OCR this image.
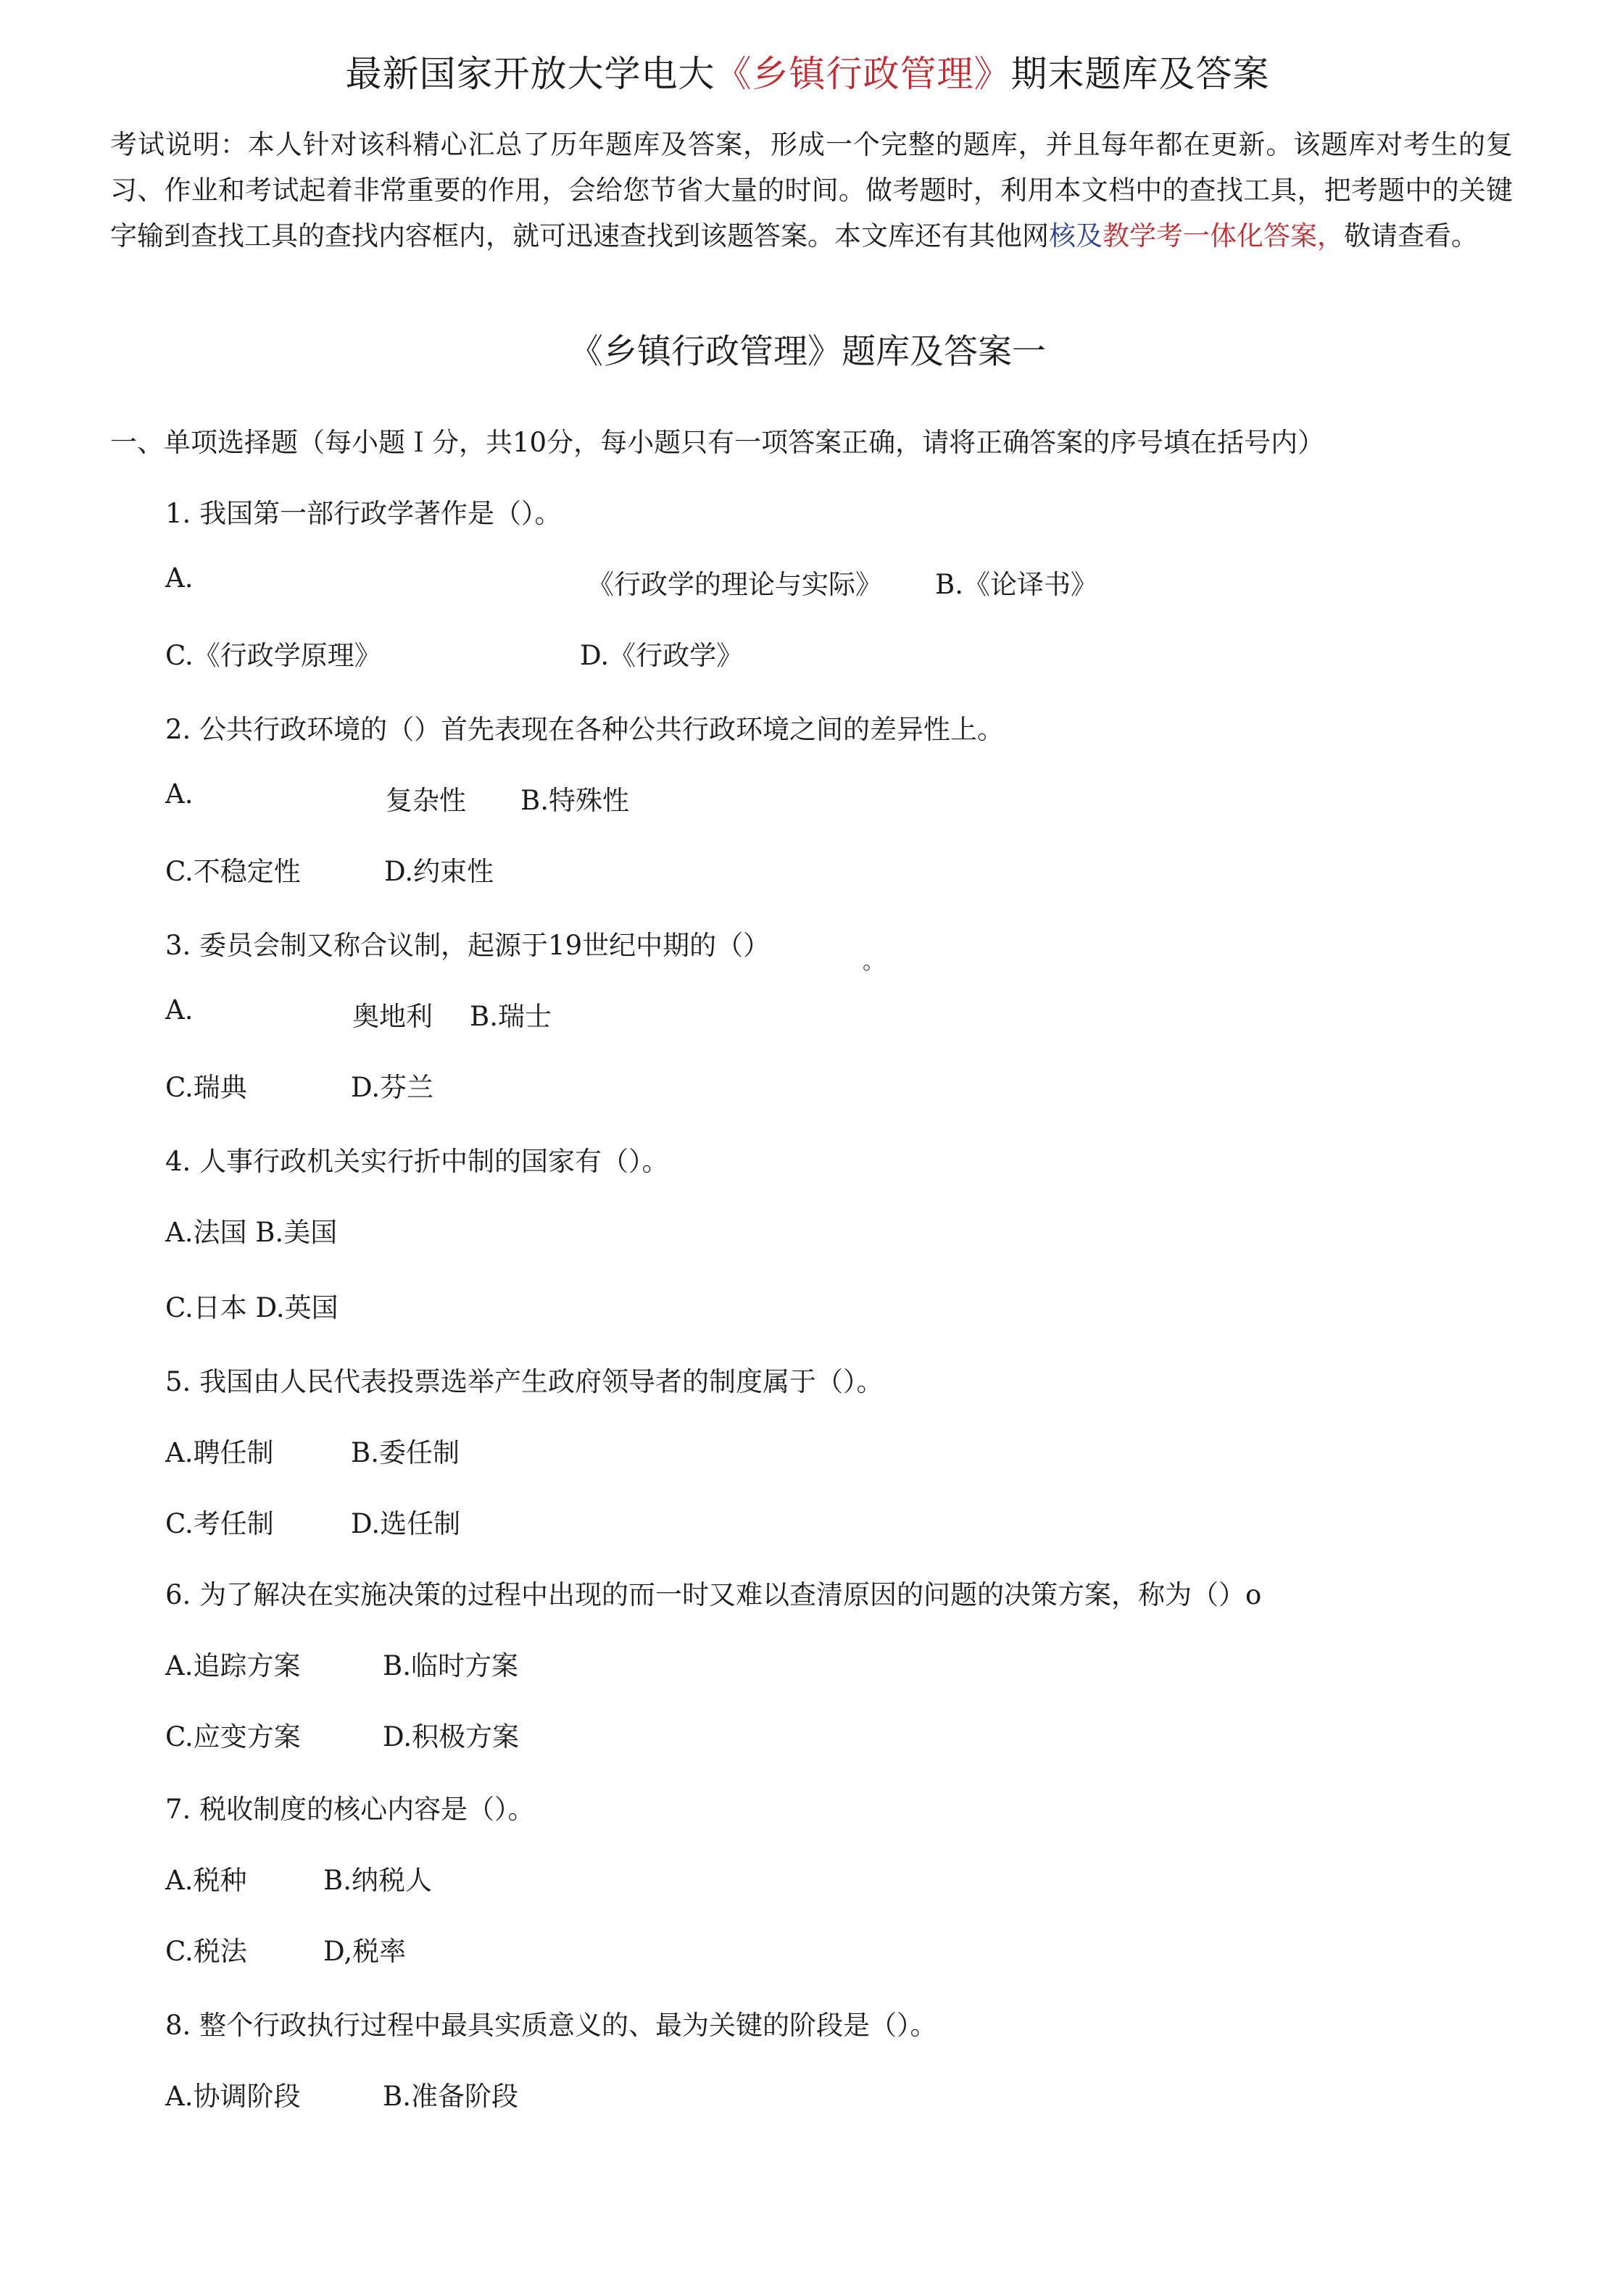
最新国家开放大学电大《乡镇行政管理》期末题库及答案
考试说明：本人针对该科精心汇总了历年题库及答案，形成一个完整的题库，并且每年都在更新。该题库对考生的复习、作业和考试起着非常重要的作用，会给您节省大量的时间。做考题时，利用本文档中的查找工具，把考题中的关键字输到查找工具的查找内容框内，就可迅速查找到该题答案。本文库还有其他网核及教学考一体化答案，敬请查看。
《乡镇行政管理》题库及答案一
一、单项选择题（每小题Ｉ分，共10分，每小题只有一项答案正确，请将正确答案的序号填在括号内）
1. 我国第一部行政学著作是（）。
A.	《行政学的理论与实际》 B.《论译书》
C.《行政学原理》	D.《行政学》
2. 公共行政环境的（）首先表现在各种公共行政环境之间的差异性上。
A.	复杂性 B.特殊性
C.不稳定性	D.约束性
3. 委员会制又称合议制，起源于19世纪中期的（）
。
A.	奥地利 B.瑞士
C.瑞典	D.芬兰
4. 人事行政机关实行折中制的国家有（）。
A.法国 B.美国
C.日本 D.英国
5. 我国由人民代表投票选举产生政府领导者的制度属于（）。
A.聘任制	B.委任制
C.考任制	D.选任制
6. 为了解决在实施决策的过程中出现的而一时又难以查清原因的问题的决策方案，称为（）o
A.追踪方案	B.临时方案
C.应变方案	D.积极方案
7. 税收制度的核心内容是（）。
A.税种	B.纳税人
C.税法	D,税率
8. 整个行政执行过程中最具实质意义的、最为关键的阶段是（）。
A.协调阶段	B.准备阶段
